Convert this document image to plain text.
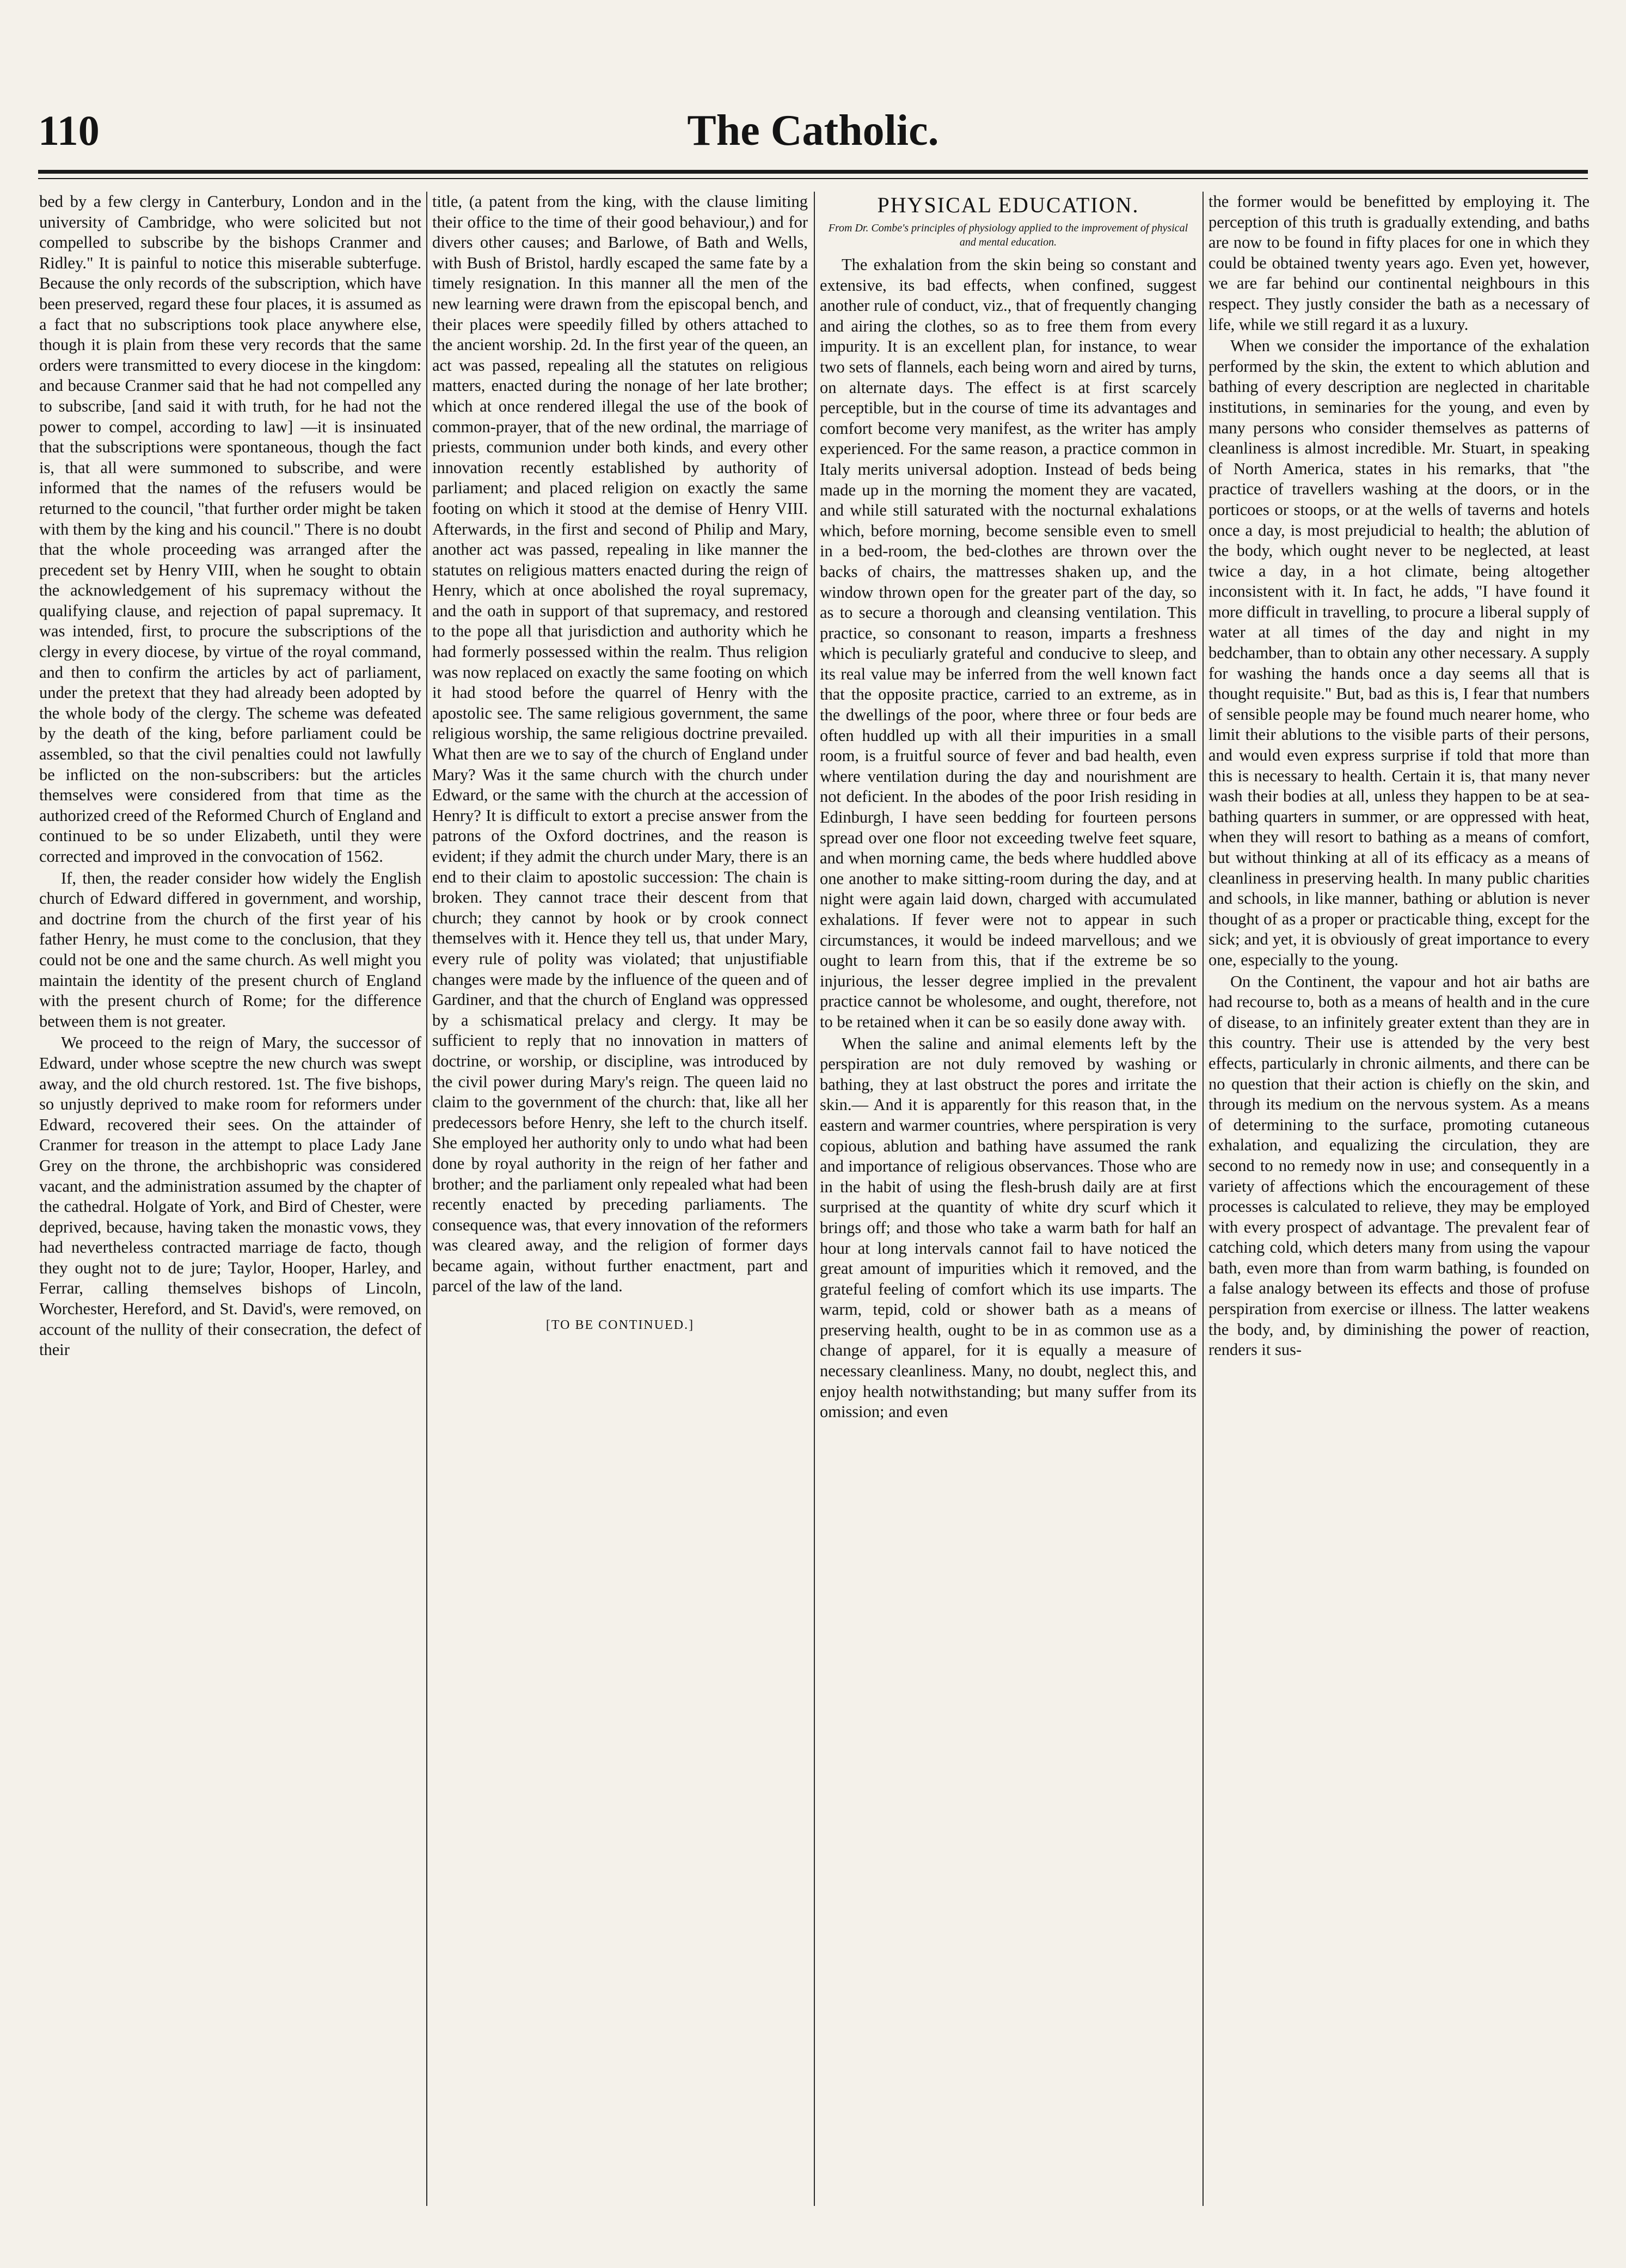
110	The Catholic.

bed by a few clergy in Canterbury, London and in the university of Cambridge, who were solicited but not compelled to subscribe by the bishops Cranmer and Ridley." It is painful to notice this miserable subterfuge. Because the only records of the subscription, which have been preserved, regard these four places, it is assumed as a fact that no subscriptions took place anywhere else, though it is plain from these very records that the same orders were transmitted to every diocese in the kingdom: and because Cranmer said that he had not compelled any to subscribe, [and said it with truth, for he had not the power to compel, according to law] —it is insinuated that the subscriptions were spontaneous, though the fact is, that all were summoned to subscribe, and were informed that the names of the refusers would be returned to the council, "that further order might be taken with them by the king and his council." There is no doubt that the whole proceeding was arranged after the precedent set by Henry VIII, when he sought to obtain the acknowledgement of his supremacy without the qualifying clause, and rejection of papal supremacy. It was intended, first, to procure the subscriptions of the clergy in every diocese, by virtue of the royal command, and then to confirm the articles by act of parliament, under the pretext that they had already been adopted by the whole body of the clergy. The scheme was defeated by the death of the king, before parliament could be assembled, so that the civil penalties could not lawfully be inflicted on the non-subscribers: but the articles themselves were considered from that time as the authorized creed of the Reformed Church of England and continued to be so under Elizabeth, until they were corrected and improved in the convocation of 1562.

If, then, the reader consider how widely the English church of Edward differed in government, and worship, and doctrine from the church of the first year of his father Henry, he must come to the conclusion, that they could not be one and the same church. As well might you maintain the identity of the present church of England with the present church of Rome; for the difference between them is not greater.

We proceed to the reign of Mary, the successor of Edward, under whose sceptre the new church was swept away, and the old church restored. 1st. The five bishops, so unjustly deprived to make room for reformers under Edward, recovered their sees. On the attainder of Cranmer for treason in the attempt to place Lady Jane Grey on the throne, the archbishopric was considered vacant, and the administration assumed by the chapter of the cathedral. Holgate of York, and Bird of Chester, were deprived, because, having taken the monastic vows, they had nevertheless contracted marriage de facto, though they ought not to de jure; Taylor, Hooper, Harley, and Ferrar, calling themselves bishops of Lincoln, Worchester, Hereford, and St. David's, were removed, on account of the nullity of their consecration, the defect of their

title, (a patent from the king, with the clause limiting their office to the time of their good behaviour,) and for divers other causes; and Barlowe, of Bath and Wells, with Bush of Bristol, hardly escaped the same fate by a timely resignation. In this manner all the men of the new learning were drawn from the episcopal bench, and their places were speedily filled by others attached to the ancient worship. 2d. In the first year of the queen, an act was passed, repealing all the statutes on religious matters, enacted during the nonage of her late brother; which at once rendered illegal the use of the book of common-prayer, that of the new ordinal, the marriage of priests, communion under both kinds, and every other innovation recently established by authority of parliament; and placed religion on exactly the same footing on which it stood at the demise of Henry VIII. Afterwards, in the first and second of Philip and Mary, another act was passed, repealing in like manner the statutes on religious matters enacted during the reign of Henry, which at once abolished the royal supremacy, and the oath in support of that supremacy, and restored to the pope all that jurisdiction and authority which he had formerly possessed within the realm. Thus religion was now replaced on exactly the same footing on which it had stood before the quarrel of Henry with the apostolic see. The same religious government, the same religious worship, the same religious doctrine prevailed. What then are we to say of the church of England under Mary? Was it the same church with the church under Edward, or the same with the church at the accession of Henry? It is difficult to extort a precise answer from the patrons of the Oxford doctrines, and the reason is evident; if they admit the church under Mary, there is an end to their claim to apostolic succession: The chain is broken. They cannot trace their descent from that church; they cannot by hook or by crook connect themselves with it. Hence they tell us, that under Mary, every rule of polity was violated; that unjustifiable changes were made by the influence of the queen and of Gardiner, and that the church of England was oppressed by a schismatical prelacy and clergy. It may be sufficient to reply that no innovation in matters of doctrine, or worship, or discipline, was introduced by the civil power during Mary's reign. The queen laid no claim to the government of the church: that, like all her predecessors before Henry, she left to the church itself. She employed her authority only to undo what had been done by royal authority in the reign of her father and brother; and the parliament only repealed what had been recently enacted by preceding parliaments. The consequence was, that every innovation of the reformers was cleared away, and the religion of former days became again, without further enactment, part and parcel of the law of the land.

[TO BE CONTINUED.]
PHYSICAL EDUCATION.
From Dr. Combe's principles of physiology applied to the improvement of physical and mental education.

The exhalation from the skin being so constant and extensive, its bad effects, when confined, suggest another rule of conduct, viz., that of frequently changing and airing the clothes, so as to free them from every impurity. It is an excellent plan, for instance, to wear two sets of flannels, each being worn and aired by turns, on alternate days. The effect is at first scarcely perceptible, but in the course of time its advantages and comfort become very manifest, as the writer has amply experienced. For the same reason, a practice common in Italy merits universal adoption. Instead of beds being made up in the morning the moment they are vacated, and while still saturated with the nocturnal exhalations which, before morning, become sensible even to smell in a bed-room, the bed-clothes are thrown over the backs of chairs, the mattresses shaken up, and the window thrown open for the greater part of the day, so as to secure a thorough and cleansing ventilation. This practice, so consonant to reason, imparts a freshness which is peculiarly grateful and conducive to sleep, and its real value may be inferred from the well known fact that the opposite practice, carried to an extreme, as in the dwellings of the poor, where three or four beds are often huddled up with all their impurities in a small room, is a fruitful source of fever and bad health, even where ventilation during the day and nourishment are not deficient. In the abodes of the poor Irish residing in Edinburgh, I have seen bedding for fourteen persons spread over one floor not exceeding twelve feet square, and when morning came, the beds where huddled above one another to make sitting-room during the day, and at night were again laid down, charged with accumulated exhalations. If fever were not to appear in such circumstances, it would be indeed marvellous; and we ought to learn from this, that if the extreme be so injurious, the lesser degree implied in the prevalent practice cannot be wholesome, and ought, therefore, not to be retained when it can be so easily done away with.

When the saline and animal elements left by the perspiration are not duly removed by washing or bathing, they at last obstruct the pores and irritate the skin.— And it is apparently for this reason that, in the eastern and warmer countries, where perspiration is very copious, ablution and bathing have assumed the rank and importance of religious observances. Those who are in the habit of using the flesh-brush daily are at first surprised at the quantity of white dry scurf which it brings off; and those who take a warm bath for half an hour at long intervals cannot fail to have noticed the great amount of impurities which it removed, and the grateful feeling of comfort which its use imparts. The warm, tepid, cold or shower bath as a means of preserving health, ought to be in as common use as a change of apparel, for it is equally a measure of necessary cleanliness. Many, no doubt, neglect this, and enjoy health notwithstanding; but many suffer from its omission; and even

the former would be benefitted by employing it. The perception of this truth is gradually extending, and baths are now to be found in fifty places for one in which they could be obtained twenty years ago. Even yet, however, we are far behind our continental neighbours in this respect. They justly consider the bath as a necessary of life, while we still regard it as a luxury.

When we consider the importance of the exhalation performed by the skin, the extent to which ablution and bathing of every description are neglected in charitable institutions, in seminaries for the young, and even by many persons who consider themselves as patterns of cleanliness is almost incredible. Mr. Stuart, in speaking of North America, states in his remarks, that "the practice of travellers washing at the doors, or in the porticoes or stoops, or at the wells of taverns and hotels once a day, is most prejudicial to health; the ablution of the body, which ought never to be neglected, at least twice a day, in a hot climate, being altogether inconsistent with it. In fact, he adds, "I have found it more difficult in travelling, to procure a liberal supply of water at all times of the day and night in my bedchamber, than to obtain any other necessary. A supply for washing the hands once a day seems all that is thought requisite." But, bad as this is, I fear that numbers of sensible people may be found much nearer home, who limit their ablutions to the visible parts of their persons, and would even express surprise if told that more than this is necessary to health. Certain it is, that many never wash their bodies at all, unless they happen to be at sea-bathing quarters in summer, or are oppressed with heat, when they will resort to bathing as a means of comfort, but without thinking at all of its efficacy as a means of cleanliness in preserving health. In many public charities and schools, in like manner, bathing or ablution is never thought of as a proper or practicable thing, except for the sick; and yet, it is obviously of great importance to every one, especially to the young.

On the Continent, the vapour and hot air baths are had recourse to, both as a means of health and in the cure of disease, to an infinitely greater extent than they are in this country. Their use is attended by the very best effects, particularly in chronic ailments, and there can be no question that their action is chiefly on the skin, and through its medium on the nervous system. As a means of determining to the surface, promoting cutaneous exhalation, and equalizing the circulation, they are second to no remedy now in use; and consequently in a variety of affections which the encouragement of these processes is calculated to relieve, they may be employed with every prospect of advantage. The prevalent fear of catching cold, which deters many from using the vapour bath, even more than from warm bathing, is founded on a false analogy between its effects and those of profuse perspiration from exercise or illness. The latter weakens the body, and, by diminishing the power of reaction, renders it sus-
